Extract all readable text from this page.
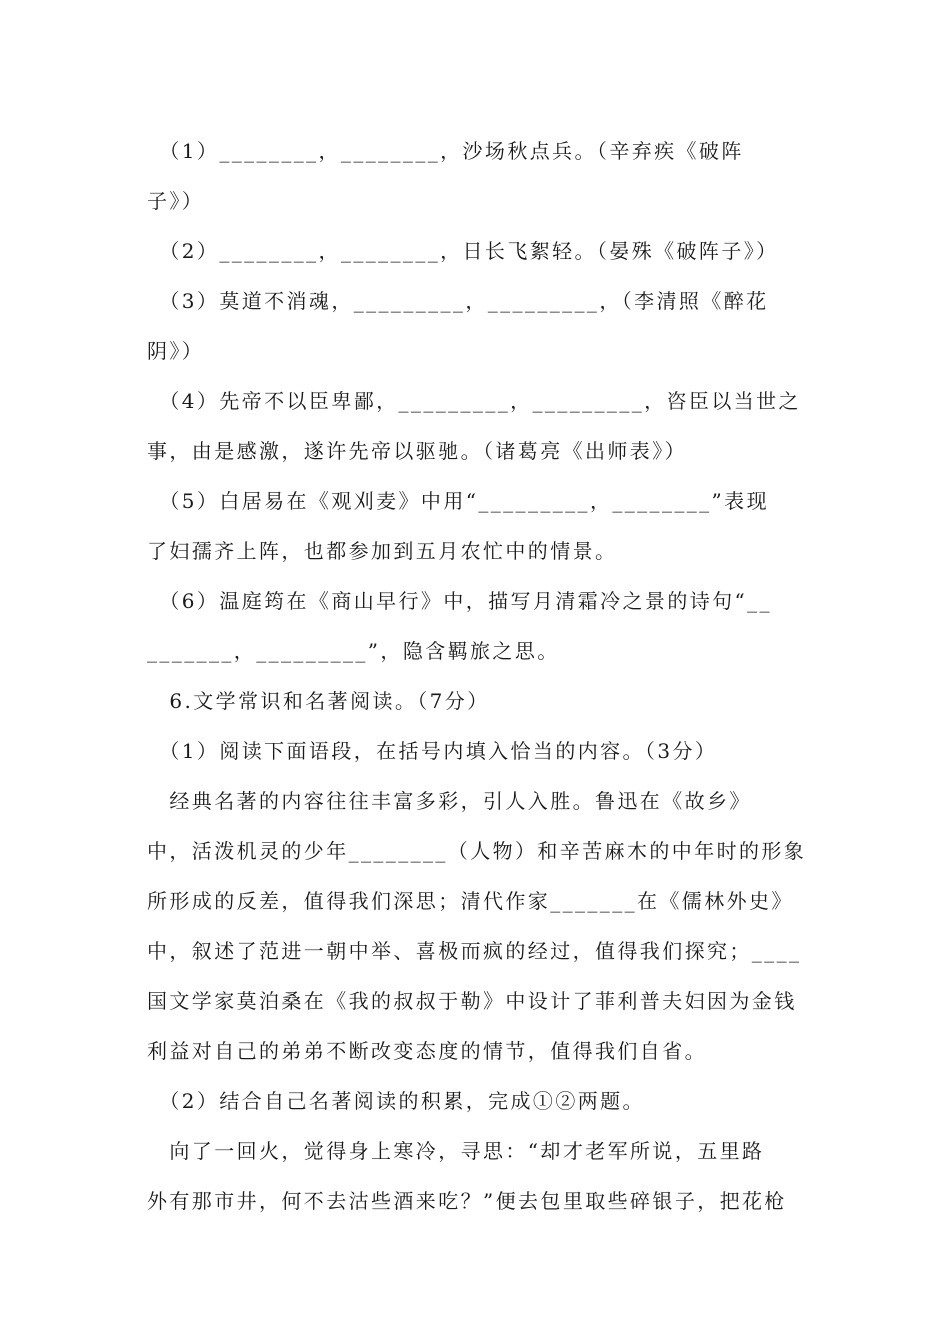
　（1）________，________，沙场秋点兵。（辛弃疾《破阵
子》）
　（2）________，________，日长飞絮轻。（晏殊《破阵子》）
　（3）莫道不消魂，_________，_________，（李清照《醉花
阴》）
　（4）先帝不以臣卑鄙，_________，_________，咨臣以当世之
事，由是感激，遂许先帝以驱驰。（诸葛亮《出师表》）
　（5）白居易在《观刈麦》中用“_________，________”表现
了妇孺齐上阵，也都参加到五月农忙中的情景。
　（6）温庭筠在《商山早行》中，描写月清霜冷之景的诗句“__
_______，_________”，隐含羁旅之思。
　6.文学常识和名著阅读。（7分）
　（1）阅读下面语段，在括号内填入恰当的内容。（3分）
　经典名著的内容往往丰富多彩，引人入胜。鲁迅在《故乡》
中，活泼机灵的少年________（人物）和辛苦麻木的中年时的形象
所形成的反差，值得我们深思；清代作家_______在《儒林外史》
中，叙述了范进一朝中举、喜极而疯的经过，值得我们探究；____
国文学家莫泊桑在《我的叔叔于勒》中设计了菲利普夫妇因为金钱
利益对自己的弟弟不断改变态度的情节，值得我们自省。
　（2）结合自己名著阅读的积累，完成①②两题。
　向了一回火，觉得身上寒冷，寻思：“却才老军所说，五里路
外有那市井，何不去沽些酒来吃？”便去包里取些碎银子，把花枪
